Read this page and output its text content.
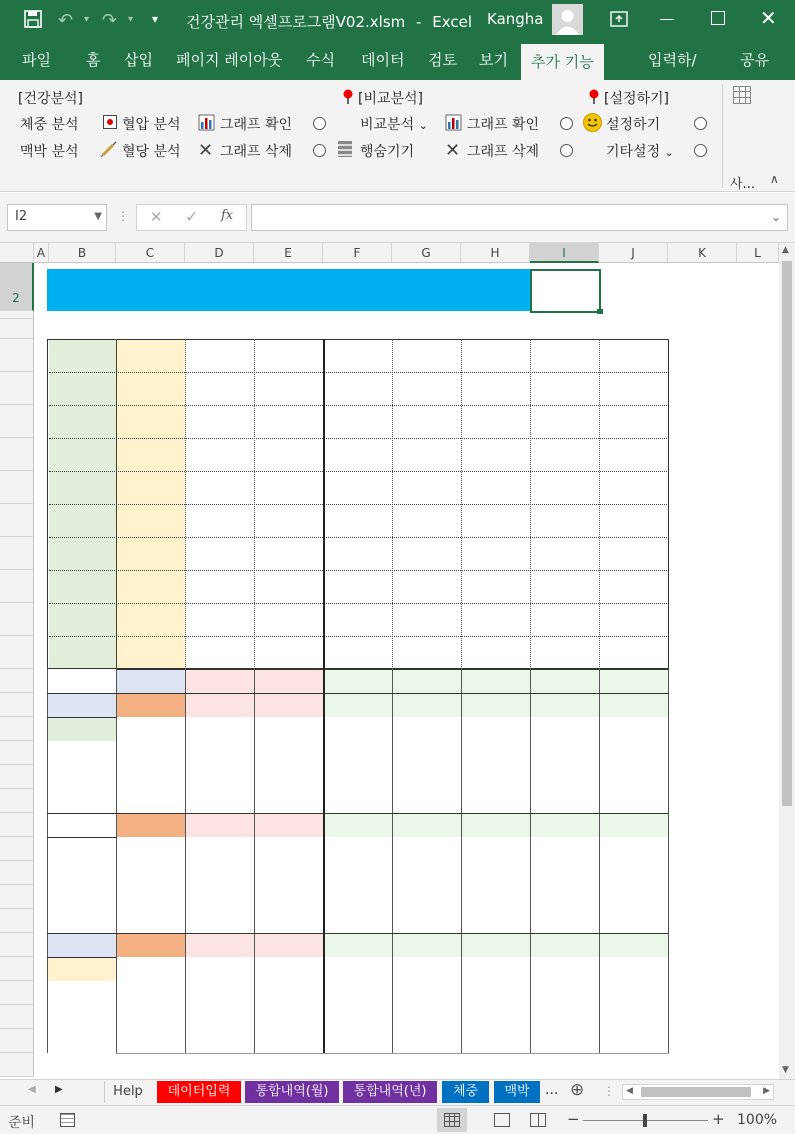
↶ ▾ ↷ ▾ ▾ 건강관리 엑셀프로그램V02.xlsm - Excel Kangha	✕
파일 홈 삽입 페이지 레이아웃 수식 데이터 검토 보기	추가 기능	입력하/	공유
[건강분석]
체중 분석
맥박 분석
혈압 분석
혈당 분석
그래프 확인
✕ 그래프 삭제
[비교분석]
비교분석 ⌄
행숨기기
그래프 확인
✕ 그래프 삭제
[설정하기]
설정하기
기타설정 ⌄
사... ∧
I2	▼ ⋮ ✕ ✓ fx	⌄
A	B	C	D	E	F	G	H	I	J	K	L
2
▲
▼
◀ ▶	Help	데이터입력	통합내역(월)	통합내역(년)	체중	맥박	... ⊕ ⋮ ◀	▶
준비	−	+ 100%
